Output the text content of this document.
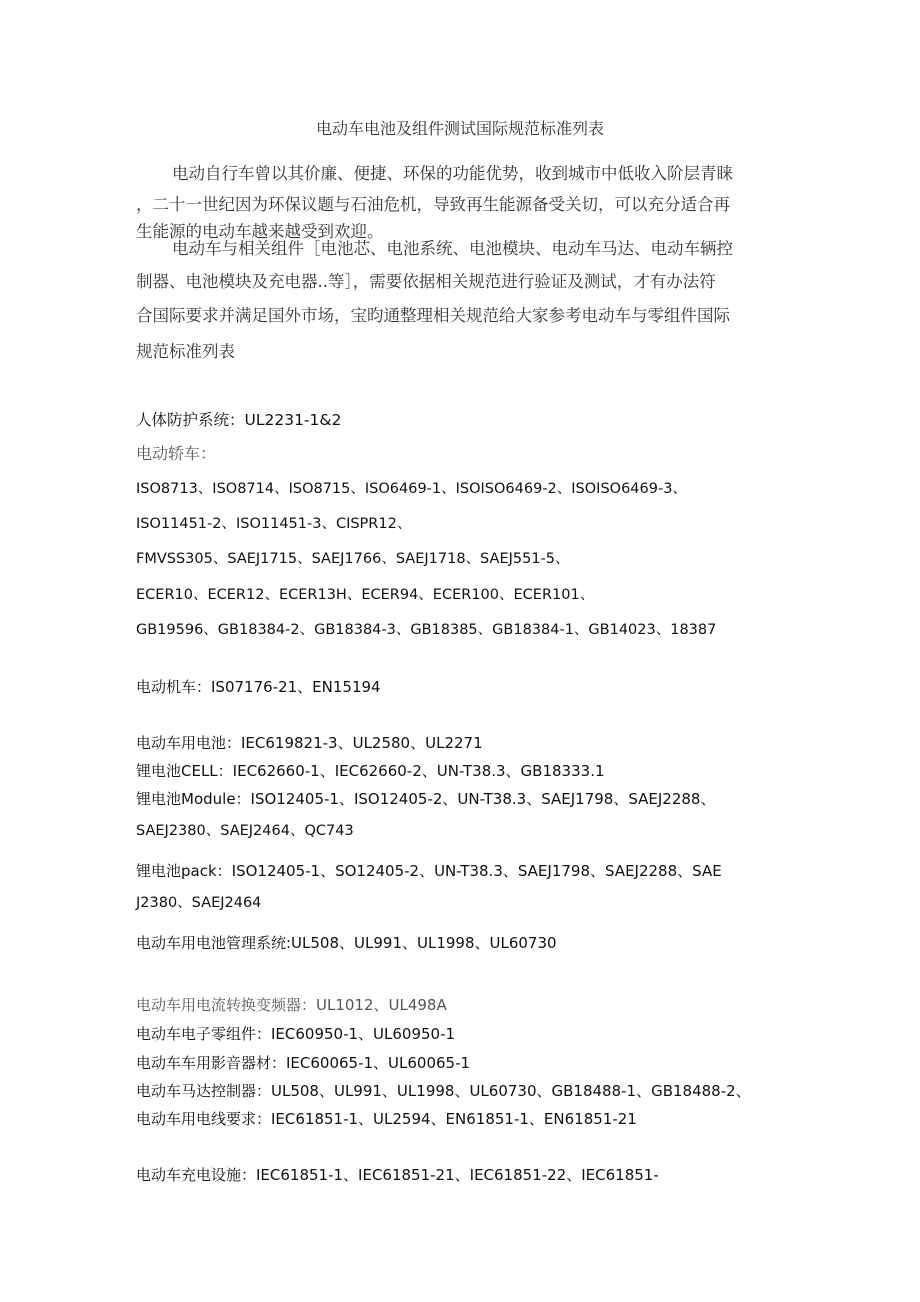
电动车电池及组件测试国际规范标准列表
电动自行车曾以其价廉、便捷、环保的功能优势，收到城市中低收入阶层青睐
，二十一世纪因为环保议题与石油危机，导致再生能源备受关切，可以充分适合再
生能源的电动车越来越受到欢迎。
电动车与相关组件［电池芯、电池系统、电池模块、电动车马达、电动车辆控
制器、电池模块及充电器..等］，需要依据相关规范进行验证及测试，才有办法符
合国际要求并满足国外市场，宝昀通整理相关规范给大家参考电动车与零组件国际
规范标准列表
人体防护系统：UL2231-1&2
电动轿车：
ISO8713、ISO8714、ISO8715、ISO6469-1、ISOISO6469-2、ISOISO6469-3、
ISO11451-2、ISO11451-3、CISPR12、
FMVSS305、SAEJ1715、SAEJ1766、SAEJ1718、SAEJ551-5、
ECER10、ECER12、ECER13H、ECER94、ECER100、ECER101、
GB19596、GB18384-2、GB18384-3、GB18385、GB18384-1、GB14023、18387
电动机车：IS07176-21、EN15194
电动车用电池：IEC619821-3、UL2580、UL2271
锂电池CELL：IEC62660-1、IEC62660-2、UN-T38.3、GB18333.1
锂电池Module：ISO12405-1、ISO12405-2、UN-T38.3、SAEJ1798、SAEJ2288、
SAEJ2380、SAEJ2464、QC743
锂电池pack：ISO12405-1、SO12405-2、UN-T38.3、SAEJ1798、SAEJ2288、SAE
J2380、SAEJ2464
电动车用电池管理系统:UL508、UL991、UL1998、UL60730
电动车用电流转换变频器：UL1012、UL498A
电动车电子零组件：IEC60950-1、UL60950-1
电动车车用影音器材：IEC60065-1、UL60065-1
电动车马达控制器：UL508、UL991、UL1998、UL60730、GB18488-1、GB18488-2、
电动车用电线要求：IEC61851-1、UL2594、EN61851-1、EN61851-21
电动车充电设施：IEC61851-1、IEC61851-21、IEC61851-22、IEC61851-
